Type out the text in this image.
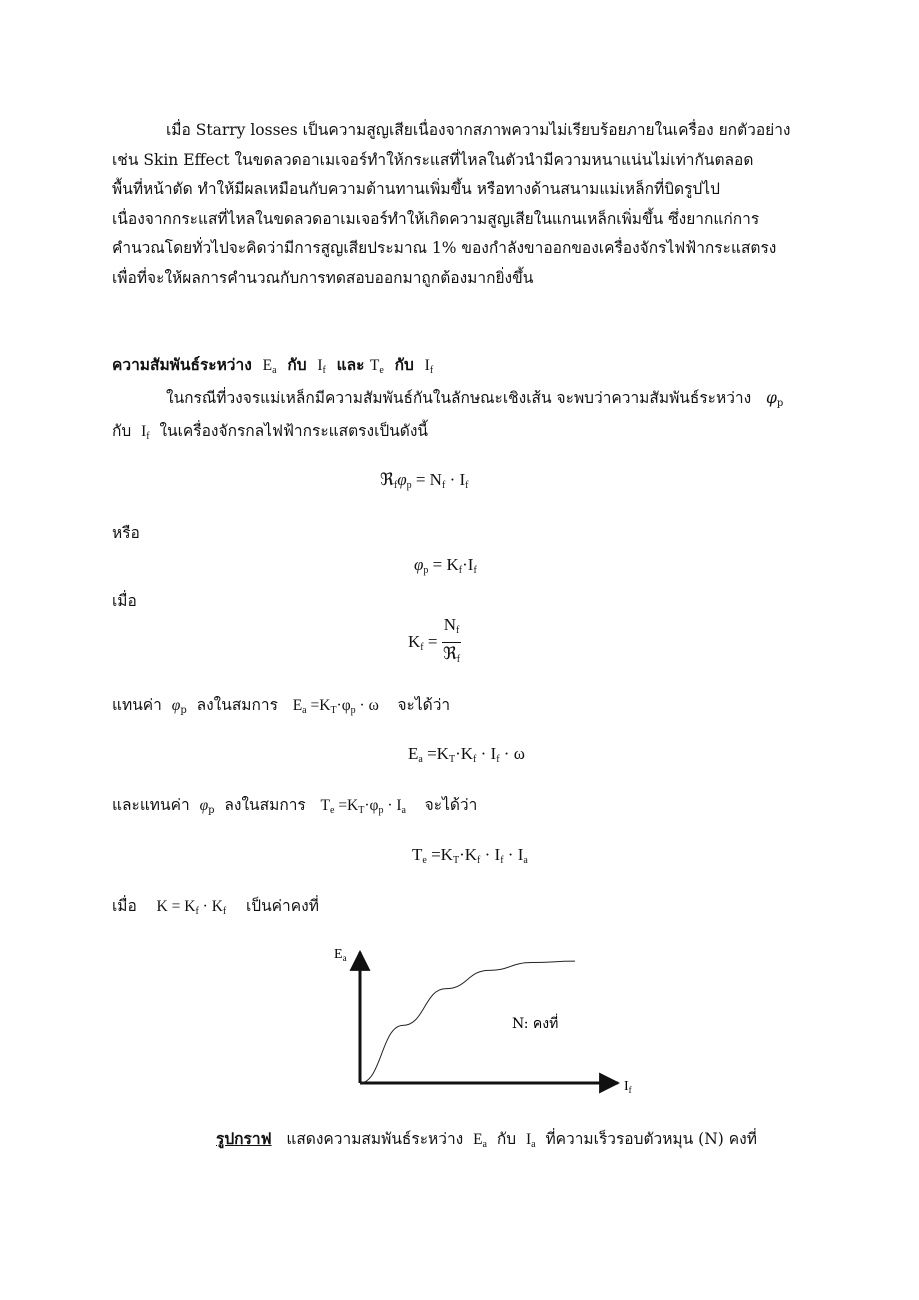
เมื่อ Starry losses เป็นความสูญเสียเนื่องจากสภาพความไม่เรียบร้อยภายในเครื่อง ยกตัวอย่าง
เช่น Skin Effect ในขดลวดอาเมเจอร์ทำให้กระแสที่ไหลในตัวนำมีความหนาแน่นไม่เท่ากันตลอด
พื้นที่หน้าตัด ทำให้มีผลเหมือนกับความต้านทานเพิ่มขึ้น หรือทางด้านสนามแม่เหล็กที่บิดรูปไป
เนื่องจากกระแสที่ไหลในขดลวดอาเมเจอร์ทำให้เกิดความสูญเสียในแกนเหล็กเพิ่มขึ้น ซึ่งยากแก่การ
คำนวณโดยทั่วไปจะคิดว่ามีการสูญเสียประมาณ 1% ของกำลังขาออกของเครื่องจักรไฟฟ้ากระแสตรง
เพื่อที่จะให้ผลการคำนวณกับการทดสอบออกมาถูกต้องมากยิ่งขึ้น
ความสัมพันธ์ระหว่าง $E_a$ กับ $I_f$ และ $T_e$ กับ $I_f$
ในกรณีที่วงจรแม่เหล็กมีความสัมพันธ์กันในลักษณะเชิงเส้น จะพบว่าความสัมพันธ์ระหว่าง $\varphi_p$
กับ $I_f$ ในเครื่องจักรกลไฟฟ้ากระแสตรงเป็นดังนี้
$ℜ_f\varphi_p = N_f \cdot I_f$
หรือ
$\varphi_p = K_f\cdot I_f$
เมื่อ
$K_f = \frac{N_f}{ℜ_f}$
แทนค่า $\varphi_p$ ลงในสมการ $E_a =K_T\cdot\varphi_p \cdot \omega$ จะได้ว่า
$E_a =K_T\cdot K_f \cdot I_f \cdot \omega$
และแทนค่า $\varphi_p$ ลงในสมการ $T_e =K_T\cdot\varphi_p \cdot I_a$ จะได้ว่า
$T_e =K_T\cdot K_f \cdot I_f \cdot I_a$
เมื่อ $K = K_f \cdot K_f$ เป็นค่าคงที่
$E_a$
$I_f$
N: คงที่
รูปกราฟ แสดงความสมพันธ์ระหว่าง $E_a$ กับ $I_a$ ที่ความเร็วรอบตัวหมุน (N) คงที่
